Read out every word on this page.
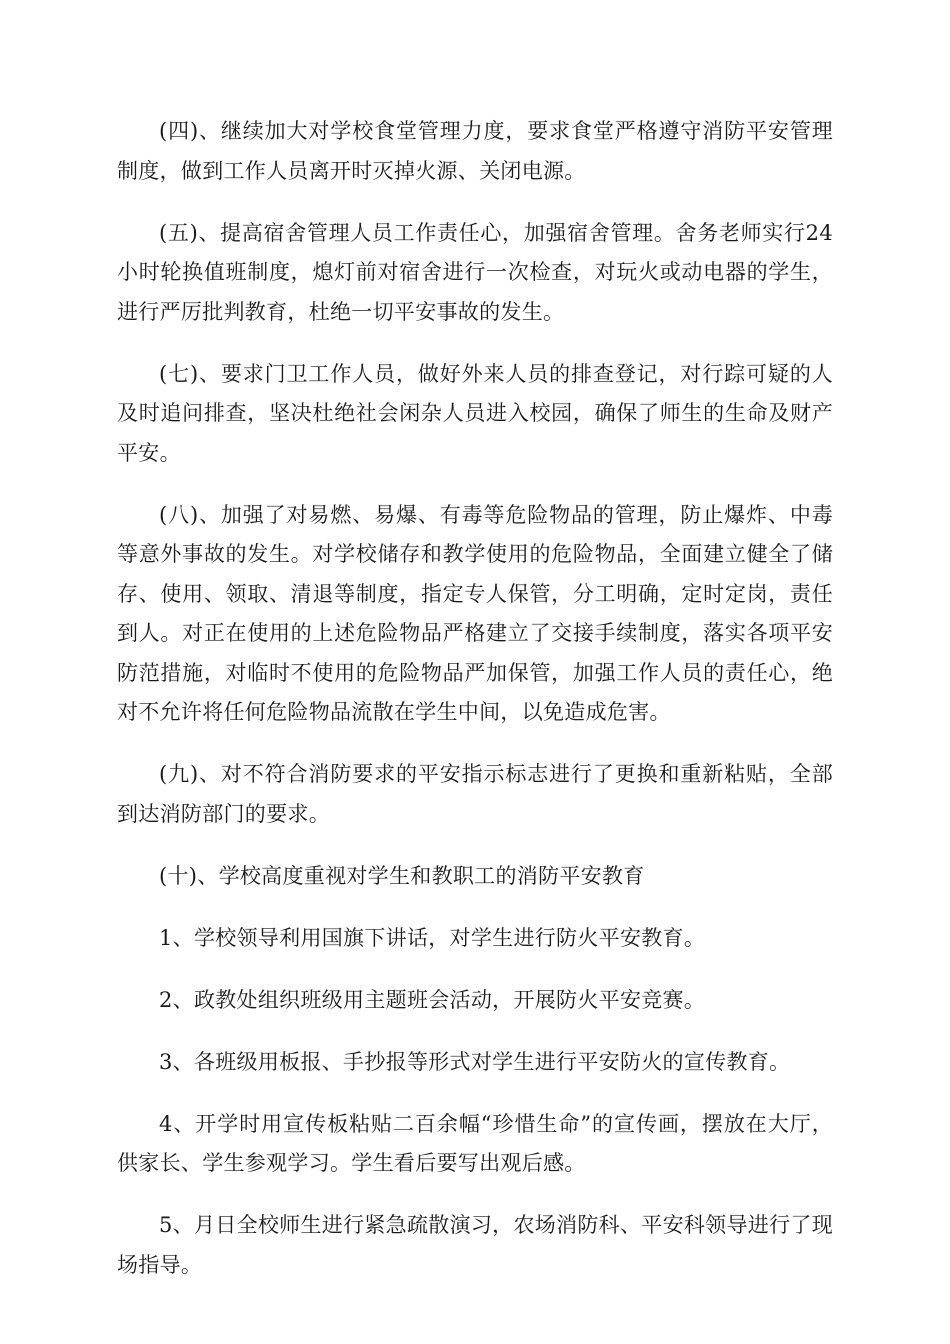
(四)、继续加大对学校食堂管理力度，要求食堂严格遵守消防平安管理制度，做到工作人员离开时灭掉火源、关闭电源。

(五)、提高宿舍管理人员工作责任心，加强宿舍管理。舍务老师实行24小时轮换值班制度，熄灯前对宿舍进行一次检查，对玩火或动电器的学生，进行严厉批判教育，杜绝一切平安事故的发生。

(七)、要求门卫工作人员，做好外来人员的排查登记，对行踪可疑的人及时追问排查，坚决杜绝社会闲杂人员进入校园，确保了师生的生命及财产平安。

(八)、加强了对易燃、易爆、有毒等危险物品的管理，防止爆炸、中毒等意外事故的发生。对学校储存和教学使用的危险物品，全面建立健全了储存、使用、领取、清退等制度，指定专人保管，分工明确，定时定岗，责任到人。对正在使用的上述危险物品严格建立了交接手续制度，落实各项平安防范措施，对临时不使用的危险物品严加保管，加强工作人员的责任心，绝对不允许将任何危险物品流散在学生中间，以免造成危害。

(九)、对不符合消防要求的平安指示标志进行了更换和重新粘贴，全部到达消防部门的要求。

(十)、学校高度重视对学生和教职工的消防平安教育

1、学校领导利用国旗下讲话，对学生进行防火平安教育。

2、政教处组织班级用主题班会活动，开展防火平安竞赛。

3、各班级用板报、手抄报等形式对学生进行平安防火的宣传教育。

4、开学时用宣传板粘贴二百余幅“珍惜生命”的宣传画，摆放在大厅，供家长、学生参观学习。学生看后要写出观后感。

5、月日全校师生进行紧急疏散演习，农场消防科、平安科领导进行了现场指导。
